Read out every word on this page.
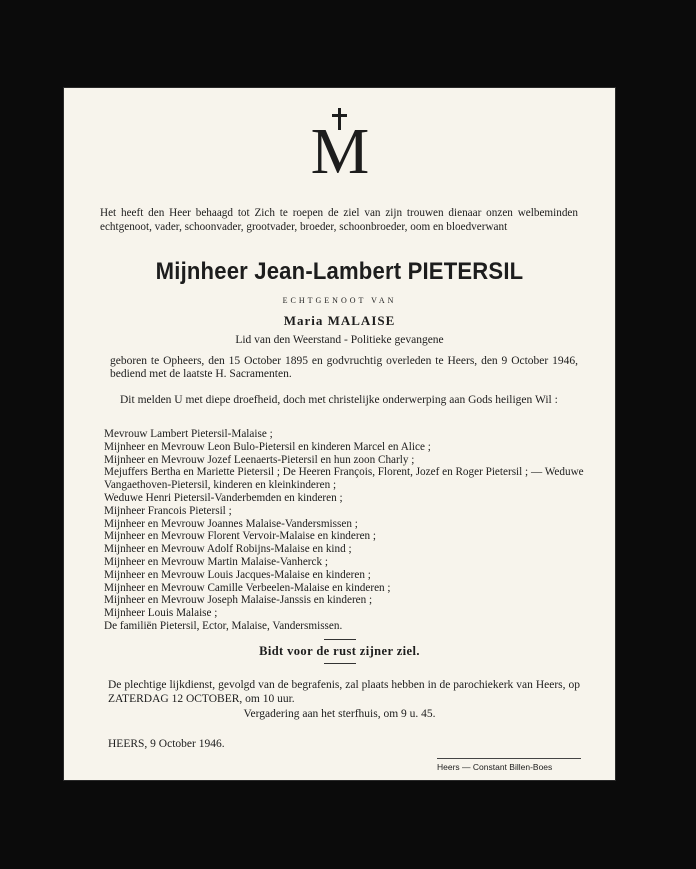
M
Het heeft den Heer behaagd tot Zich te roepen de ziel van zijn trouwen dienaar onzen welbeminden echtgenoot, vader, schoonvader, grootvader, broeder, schoonbroeder, oom en bloedverwant
Mijnheer Jean-Lambert PIETERSIL
ECHTGENOOT VAN
Maria MALAISE
Lid van den Weerstand - Politieke gevangene
geboren te Opheers, den 15 October 1895 en godvruchtig overleden te Heers, den 9 October 1946, bediend met de laatste H. Sacramenten.
Dit melden U met diepe droefheid, doch met christelijke onderwerping aan Gods heiligen Wil :
Mevrouw Lambert Pietersil-Malaise ;
Mijnheer en Mevrouw Leon Bulo-Pietersil en kinderen Marcel en Alice ;
Mijnheer en Mevrouw Jozef Leenaerts-Pietersil en hun zoon Charly ;
Mejuffers Bertha en Mariette Pietersil ; De Heeren François, Florent, Jozef en Roger Pietersil ; — Weduwe Vangaethoven-Pietersil, kinderen en kleinkinderen ;
Weduwe Henri Pietersil-Vanderbemden en kinderen ;
Mijnheer Francois Pietersil ;
Mijnheer en Mevrouw Joannes Malaise-Vandersmissen ;
Mijnheer en Mevrouw Florent Vervoir-Malaise en kinderen ;
Mijnheer en Mevrouw Adolf Robijns-Malaise en kind ;
Mijnheer en Mevrouw Martin Malaise-Vanherck ;
Mijnheer en Mevrouw Louis Jacques-Malaise en kinderen ;
Mijnheer en Mevrouw Camille Verbeelen-Malaise en kinderen ;
Mijnheer en Mevrouw Joseph Malaise-Janssis en kinderen ;
Mijnheer Louis Malaise ;
De familiën Pietersil, Ector, Malaise, Vandersmissen.
Bidt voor de rust zijner ziel.
De plechtige lijkdienst, gevolgd van de begrafenis, zal plaats hebben in de parochiekerk van Heers, op ZATERDAG 12 OCTOBER, om 10 uur.
Vergadering aan het sterfhuis, om 9 u. 45.
HEERS, 9 October 1946.
Heers — Constant Billen-Boes
